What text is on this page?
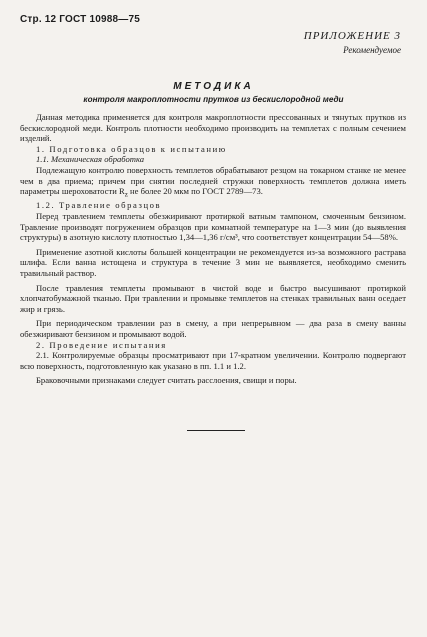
Стр. 12 ГОСТ 10988—75
ПРИЛОЖЕНИЕ 3
Рекомендуемое
МЕТОДИКА
контроля макроплотности прутков из бескислородной меди

Данная методика применяется для контроля макроплотности прессованных и тянутых прутков из бескислородной меди. Контроль плотности необходимо производить на темплетах с полным сечением изделий.

1. Подготовка образцов к испытанию

1.1. Механическая обработка

Подлежащую контролю поверхность темплетов обрабатывают резцом на токарном станке не менее чем в два приема; причем при снятии последней стружки поверхность темплетов должна иметь параметры шероховатости $R_z$ не более 20 мкм по ГОСТ 2789—73.

1.2. Травление образцов

Перед травлением темплеты обезжиривают протиркой ватным тампоном, смоченным бензином. Травление производят погружением образцов при комнатной температуре на 1—3 мин (до выявления структуры) в азотную кислоту плотностью 1,34—1,36 г/см³, что соответствует концентрации 54—58%.

Применение азотной кислоты большей концентрации не рекомендуется из-за возможного растрава шлифа. Если ванна истощена и структура в течение 3 мин не выявляется, необходимо сменить травильный раствор.

После травления темплеты промывают в чистой воде и быстро высушивают протиркой хлопчатобумажной тканью. При травлении и промывке темплетов на стенках травильных ванн оседает жир и грязь.

При периодическом травлении раз в смену, а при непрерывном — два раза в смену ванны обезжиривают бензином и промывают водой.

2. Проведение испытания

2.1. Контролируемые образцы просматривают при 17-кратном увеличении. Контролю подвергают всю поверхность, подготовленную как указано в пп. 1.1 и 1.2.

Браковочными признаками следует считать расслоения, свищи и поры.
